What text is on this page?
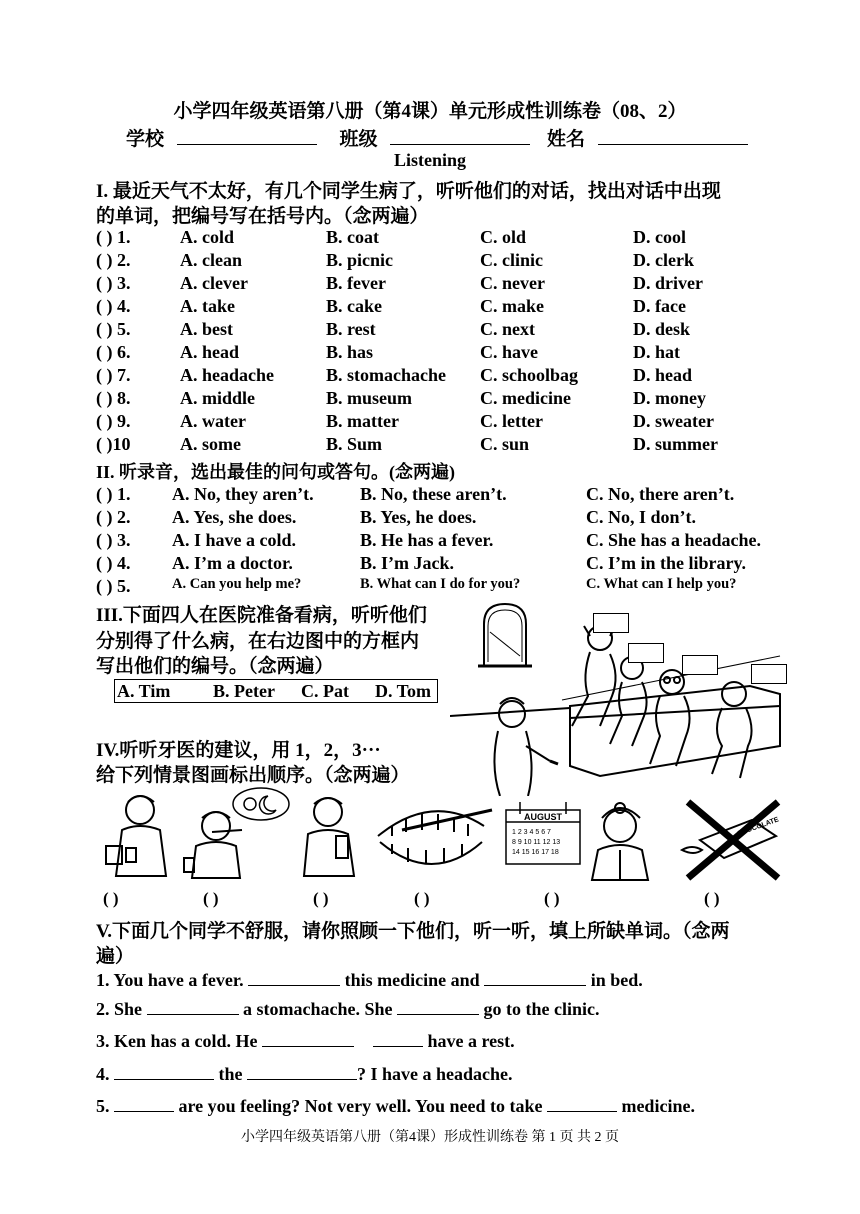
小学四年级英语第八册（第4课）单元形成性训练卷（08、2）
学校	班级	姓名
Listening
I. 最近天气不太好，有几个同学生病了，听听他们的对话，找出对话中出现
的单词，把编号写在括号内。（念两遍）
( ) 1.	A. cold	B. coat	C. old	D. cool
( ) 2.	A. clean	B. picnic	C. clinic	D. clerk
( ) 3.	A. clever	B. fever	C. never	D. driver
( ) 4.	A. take	B. cake	C. make	D. face
( ) 5.	A. best	B. rest	C. next	D. desk
( ) 6.	A. head	B. has	C. have	D. hat
( ) 7.	A. headache	B. stomachache C. schoolbag	D. head
( ) 8.	A. middle	B. museum	C. medicine	D. money
( ) 9.	A. water	B. matter	C. letter	D. sweater
( )10	A. some	B. Sum	C. sun	D. summer
II. 听录音，选出最佳的问句或答句。(念两遍)
( ) 1. A. No, they aren’t.	B. No, these aren’t.	C. No, there aren’t.
( ) 2. A. Yes, she does.	B. Yes, he does.	C. No, I don’t.
( ) 3. A. I have a cold.	B. He has a fever.	C. She has a headache.
( ) 4. A. I’m a doctor.	B. I’m Jack.	C. I’m in the library.
( ) 5.	A. Can you help me?	B. What can I do for you?	C. What can I help you?
III.下面四人在医院准备看病，听听他们
分别得了什么病，在右边图中的方框内
写出他们的编号。（念两遍）
A. Tim B. Peter C. Pat D. Tom
IV.听听牙医的建议，用 1，2，3···
给下列情景图画标出顺序。（念两遍）
AUGUST
1 2 3 4 5 6 7
8 9 10 11 12 13
14 15 16 17 18
CHOCOLATE
( )	( )	( )	( )	( )	( )
V.下面几个同学不舒服，请你照顾一下他们，听一听，填上所缺单词。（念两
遍）
1. You have a fever.	this medicine and	in bed.
2. She	a stomachache. She	go to the clinic.
3. Ken has a cold. He	have a rest.
4.	the	? I have a headache.
5.	are you feeling? Not very well. You need to take	medicine.
小学四年级英语第八册（第4课）形成性训练卷 第 1 页 共 2 页
